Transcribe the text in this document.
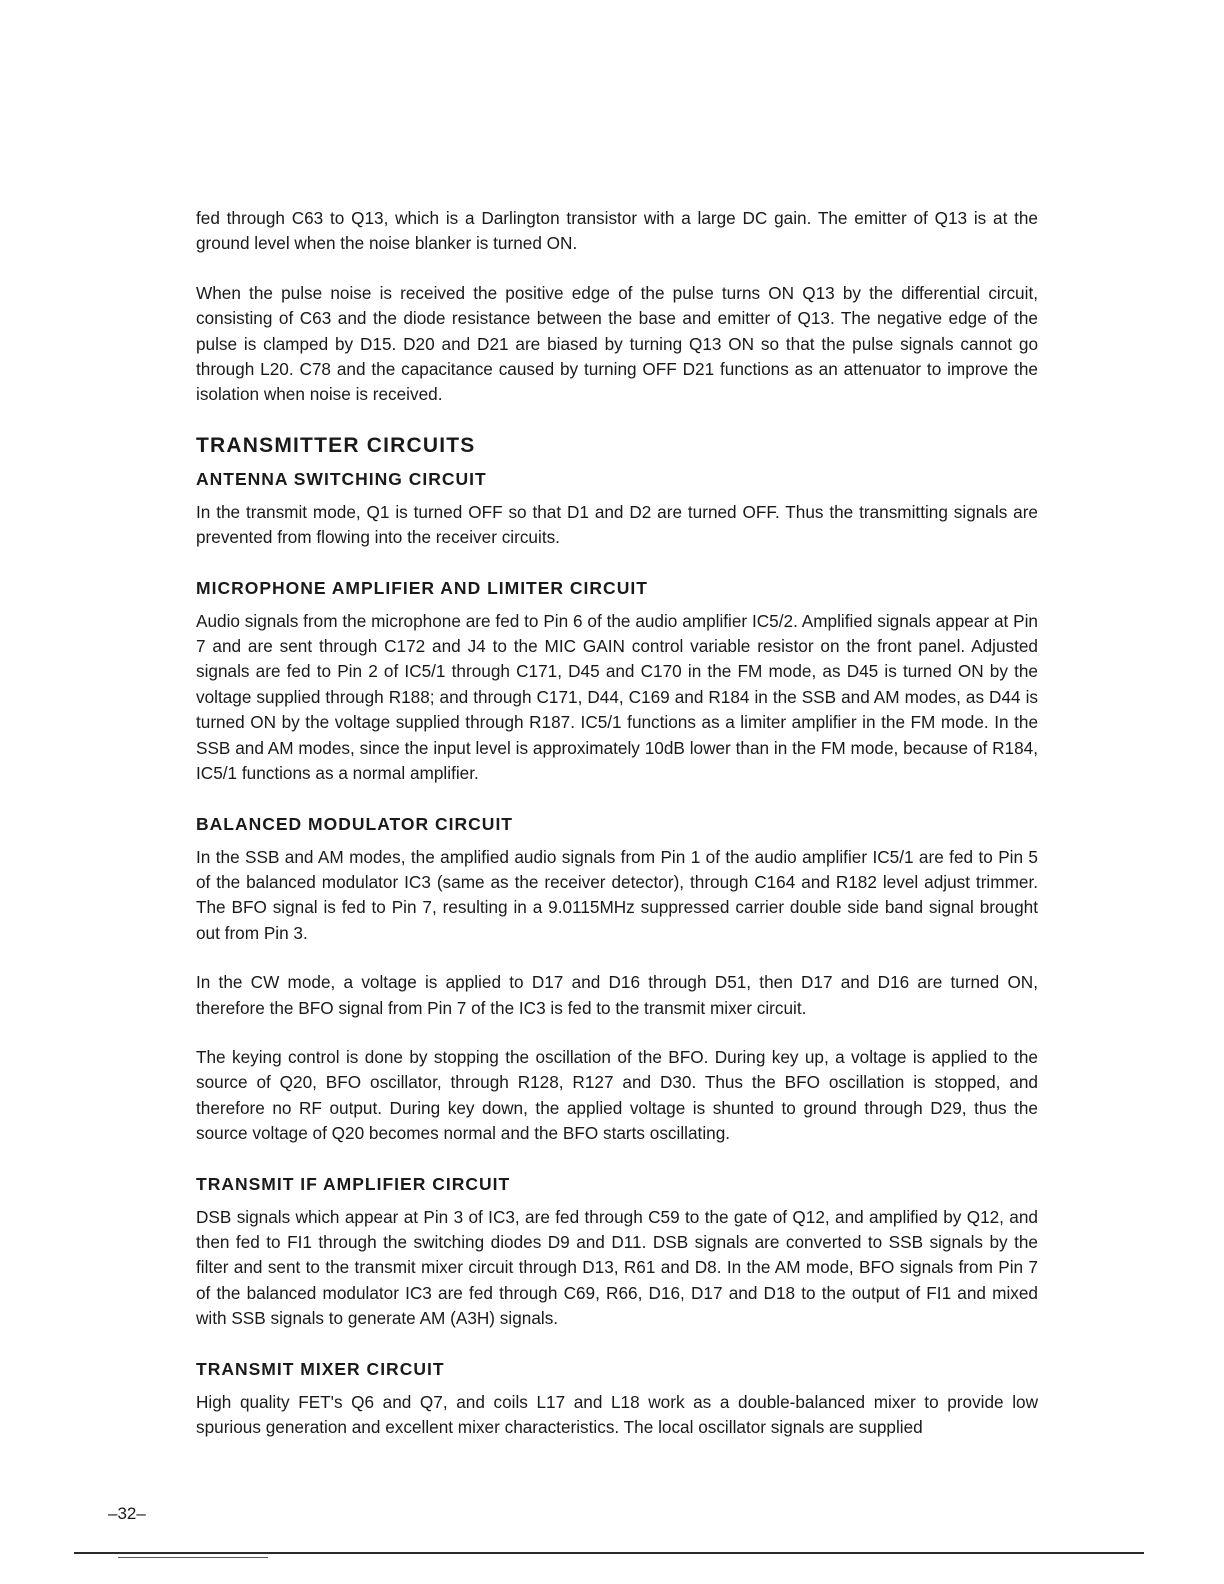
fed through C63 to Q13, which is a Darlington transistor with a large DC gain. The emitter of Q13 is at the ground level when the noise blanker is turned ON.

When the pulse noise is received the positive edge of the pulse turns ON Q13 by the differential circuit, consisting of C63 and the diode resistance between the base and emitter of Q13. The negative edge of the pulse is clamped by D15. D20 and D21 are biased by turning Q13 ON so that the pulse signals cannot go through L20. C78 and the capacitance caused by turning OFF D21 functions as an attenuator to improve the isolation when noise is received.

TRANSMITTER CIRCUITS
ANTENNA SWITCHING CIRCUIT

In the transmit mode, Q1 is turned OFF so that D1 and D2 are turned OFF. Thus the transmitting signals are prevented from flowing into the receiver circuits.

MICROPHONE AMPLIFIER AND LIMITER CIRCUIT

Audio signals from the microphone are fed to Pin 6 of the audio amplifier IC5/2. Amplified signals appear at Pin 7 and are sent through C172 and J4 to the MIC GAIN control variable resistor on the front panel. Adjusted signals are fed to Pin 2 of IC5/1 through C171, D45 and C170 in the FM mode, as D45 is turned ON by the voltage supplied through R188; and through C171, D44, C169 and R184 in the SSB and AM modes, as D44 is turned ON by the voltage supplied through R187. IC5/1 functions as a limiter amplifier in the FM mode. In the SSB and AM modes, since the input level is approximately 10dB lower than in the FM mode, because of R184, IC5/1 functions as a normal amplifier.

BALANCED MODULATOR CIRCUIT

In the SSB and AM modes, the amplified audio signals from Pin 1 of the audio amplifier IC5/1 are fed to Pin 5 of the balanced modulator IC3 (same as the receiver detector), through C164 and R182 level adjust trimmer. The BFO signal is fed to Pin 7, resulting in a 9.0115MHz suppressed carrier double side band signal brought out from Pin 3.

In the CW mode, a voltage is applied to D17 and D16 through D51, then D17 and D16 are turned ON, therefore the BFO signal from Pin 7 of the IC3 is fed to the transmit mixer circuit.

The keying control is done by stopping the oscillation of the BFO. During key up, a voltage is applied to the source of Q20, BFO oscillator, through R128, R127 and D30. Thus the BFO oscillation is stopped, and therefore no RF output. During key down, the applied voltage is shunted to ground through D29, thus the source voltage of Q20 becomes normal and the BFO starts oscillating.

TRANSMIT IF AMPLIFIER CIRCUIT

DSB signals which appear at Pin 3 of IC3, are fed through C59 to the gate of Q12, and amplified by Q12, and then fed to FI1 through the switching diodes D9 and D11. DSB signals are converted to SSB signals by the filter and sent to the transmit mixer circuit through D13, R61 and D8. In the AM mode, BFO signals from Pin 7 of the balanced modulator IC3 are fed through C69, R66, D16, D17 and D18 to the output of FI1 and mixed with SSB signals to generate AM (A3H) signals.

TRANSMIT MIXER CIRCUIT

High quality FET's Q6 and Q7, and coils L17 and L18 work as a double-balanced mixer to provide low spurious generation and excellent mixer characteristics. The local oscillator signals are supplied

–32–
